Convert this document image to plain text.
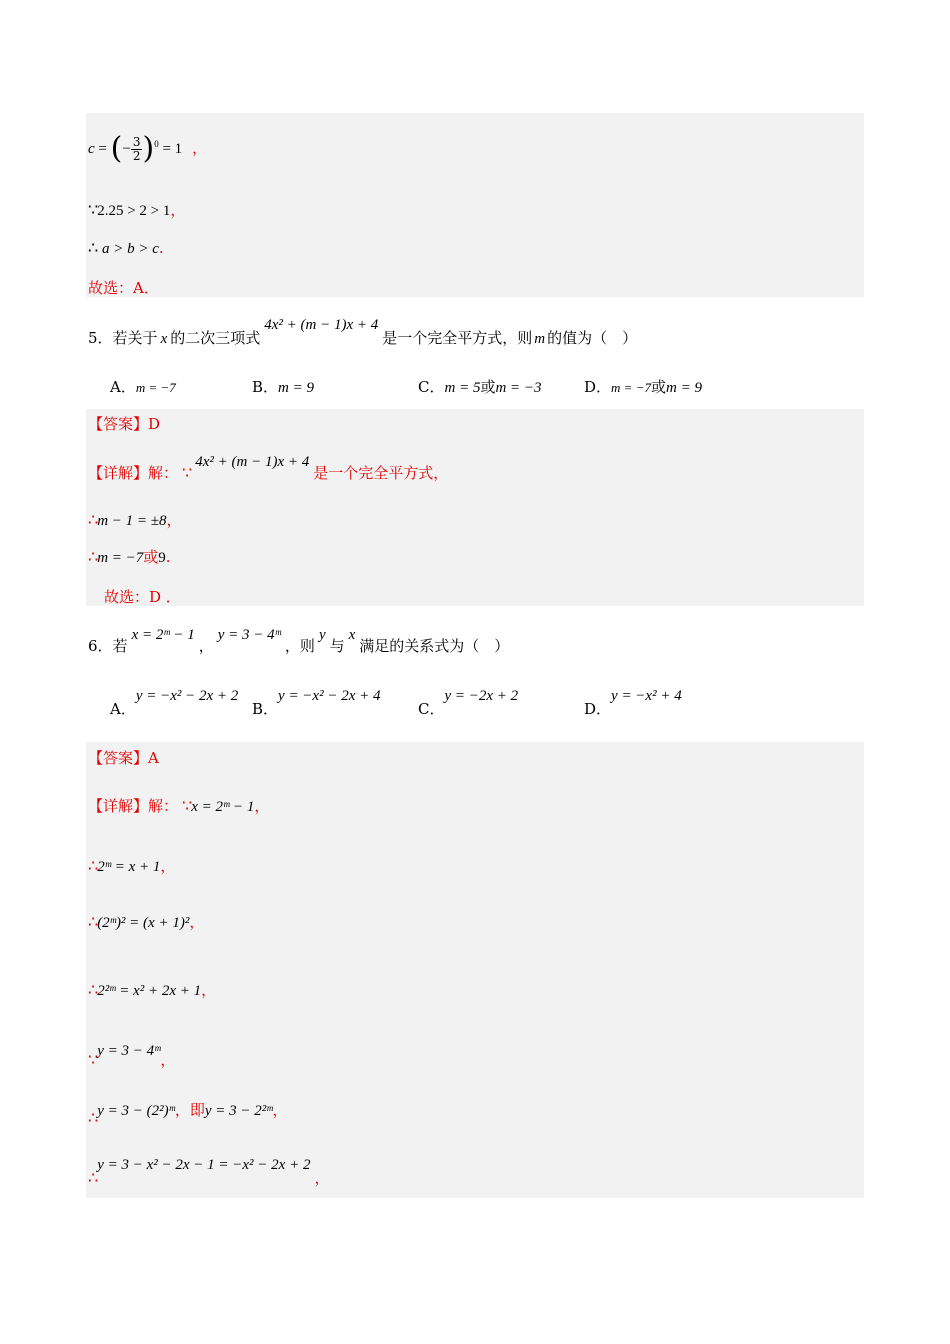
c = (− $\frac{3}{2} )^0 = 1$ ，
∵2.25 > 2 > 1，
∴ a > b > c.
故选：A．
5．若关于 x 的二次三项式4x² + (m − 1)x + 4是一个完全平方式，则 m 的值为（　）
A．m = −7	B．m = 9	C．m = 5或m = −3	D．m = −7或m = 9
【答案】D
【详解】解： ∵4x² + (m − 1)x + 4是一个完全平方式，
∴m − 1 = ±8，
∴m = −7或9.
故选：D ．
6．若x = 2ᵐ − 1，y = 3 − 4ᵐ，则y与x满足的关系式为（　）
A．y = −x² − 2x + 2
B．y = −x² − 2x + 4
C．y = −2x + 2
D．y = −x² + 4
【答案】A
【详解】解： ∵x = 2ᵐ − 1，
∴2ᵐ = x + 1，
∴(2ᵐ)² = (x + 1)²，
∴2²ᵐ = x² + 2x + 1，
∵y = 3 − 4ᵐ，
∴y = 3 − (2²)ᵐ，即y = 3 − 2²ᵐ，
∴y = 3 − x² − 2x − 1 = −x² − 2x + 2，
